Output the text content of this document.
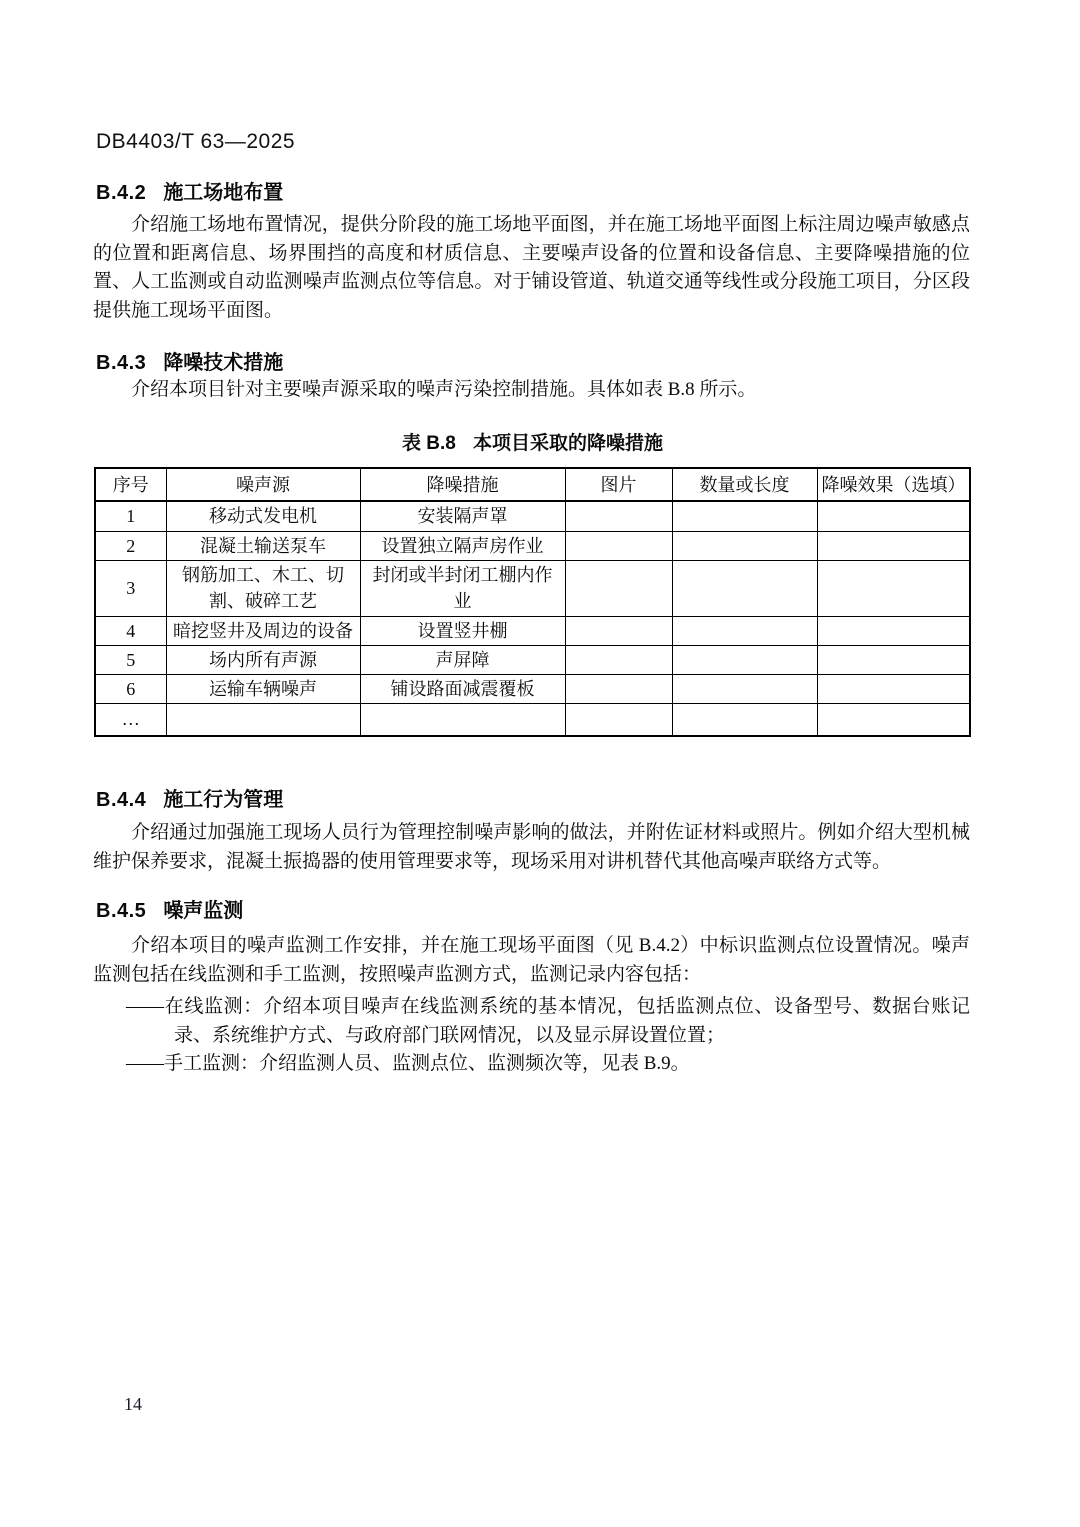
DB4403/T 63—2025
B.4.2 施工场地布置
介绍施工场地布置情况，提供分阶段的施工场地平面图，并在施工场地平面图上标注周边噪声敏感点的位置和距离信息、场界围挡的高度和材质信息、主要噪声设备的位置和设备信息、主要降噪措施的位置、人工监测或自动监测噪声监测点位等信息。对于铺设管道、轨道交通等线性或分段施工项目，分区段提供施工现场平面图。
B.4.3 降噪技术措施
介绍本项目针对主要噪声源采取的噪声污染控制措施。具体如表 B.8 所示。
表 B.8 本项目采取的降噪措施
序号	噪声源	降噪措施	图片	数量或长度	降噪效果（选填）
1	移动式发电机	安装隔声罩			
2	混凝土输送泵车	设置独立隔声房作业			
3	钢筋加工、木工、切割、破碎工艺	封闭或半封闭工棚内作业			
4	暗挖竖井及周边的设备	设置竖井棚			
5	场内所有声源	声屏障			
6	运输车辆噪声	铺设路面减震覆板			
…					
B.4.4 施工行为管理
介绍通过加强施工现场人员行为管理控制噪声影响的做法，并附佐证材料或照片。例如介绍大型机械维护保养要求，混凝土振捣器的使用管理要求等，现场采用对讲机替代其他高噪声联络方式等。
B.4.5 噪声监测
介绍本项目的噪声监测工作安排，并在施工现场平面图（见 B.4.2）中标识监测点位设置情况。噪声监测包括在线监测和手工监测，按照噪声监测方式，监测记录内容包括：
——在线监测：介绍本项目噪声在线监测系统的基本情况，包括监测点位、设备型号、数据台账记录、系统维护方式、与政府部门联网情况，以及显示屏设置位置；
——手工监测：介绍监测人员、监测点位、监测频次等，见表 B.9。
14
